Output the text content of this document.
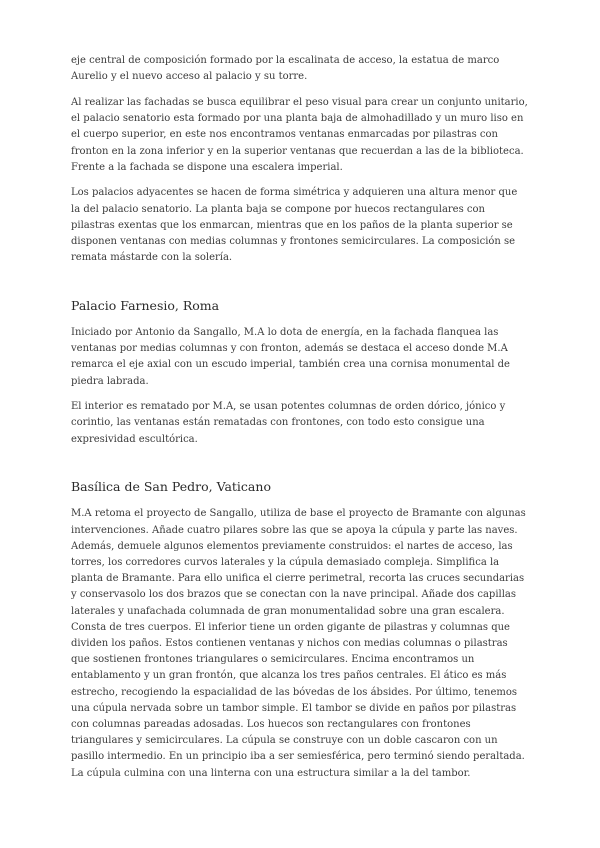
eje central de composición formado por la escalinata de acceso, la estatua de marco Aurelio y el nuevo acceso al palacio y su torre.

Al realizar las fachadas se busca equilibrar el peso visual para crear un conjunto unitario, el palacio senatorio esta formado por una planta baja de almohadillado y un muro liso en el cuerpo superior, en este nos encontramos ventanas enmarcadas por pilastras con fronton en la zona inferior y en la superior ventanas que recuerdan a las de la biblioteca. Frente a la fachada se dispone una escalera imperial.

Los palacios adyacentes se hacen de forma simétrica y adquieren una altura menor que la del palacio senatorio. La planta baja se compone por huecos rectangulares con pilastras exentas que los enmarcan, mientras que en los paños de la planta superior se disponen ventanas con medias columnas y frontones semicirculares. La composición se remata mástarde con la solería.

Palacio Farnesio, Roma

Iniciado por Antonio da Sangallo, M.A lo dota de energía, en la fachada flanquea las ventanas por medias columnas y con fronton, además se destaca el acceso donde M.A remarca el eje axial con un escudo imperial, también crea una cornisa monumental de piedra labrada.

El interior es rematado por M.A, se usan potentes columnas de orden dórico, jónico y corintio, las ventanas están rematadas con frontones, con todo esto consigue una expresividad escultórica.

Basílica de San Pedro, Vaticano

M.A retoma el proyecto de Sangallo, utiliza de base el proyecto de Bramante con algunas intervenciones. Añade cuatro pilares sobre las que se apoya la cúpula y parte las naves. Además, demuele algunos elementos previamente construidos: el nartes de acceso, las torres, los corredores curvos laterales y la cúpula demasiado compleja. Simplifica la planta de Bramante. Para ello unifica el cierre perimetral, recorta las cruces secundarias y conservasolo los dos brazos que se conectan con la nave principal. Añade dos capillas laterales y unafachada columnada de gran monumentalidad sobre una gran escalera. Consta de tres cuerpos. El inferior tiene un orden gigante de pilastras y columnas que dividen los paños. Estos contienen ventanas y nichos con medias columnas o pilastras que sostienen frontones triangulares o semicirculares. Encima encontramos un entablamento y un gran frontón, que alcanza los tres paños centrales. El ático es más estrecho, recogiendo la espacialidad de las bóvedas de los ábsides. Por último, tenemos una cúpula nervada sobre un tambor simple. El tambor se divide en paños por pilastras con columnas pareadas adosadas. Los huecos son rectangulares con frontones triangulares y semicirculares. La cúpula se construye con un doble cascaron con un pasillo intermedio. En un principio iba a ser semiesférica, pero terminó siendo peraltada. La cúpula culmina con una linterna con una estructura similar a la del tambor.
